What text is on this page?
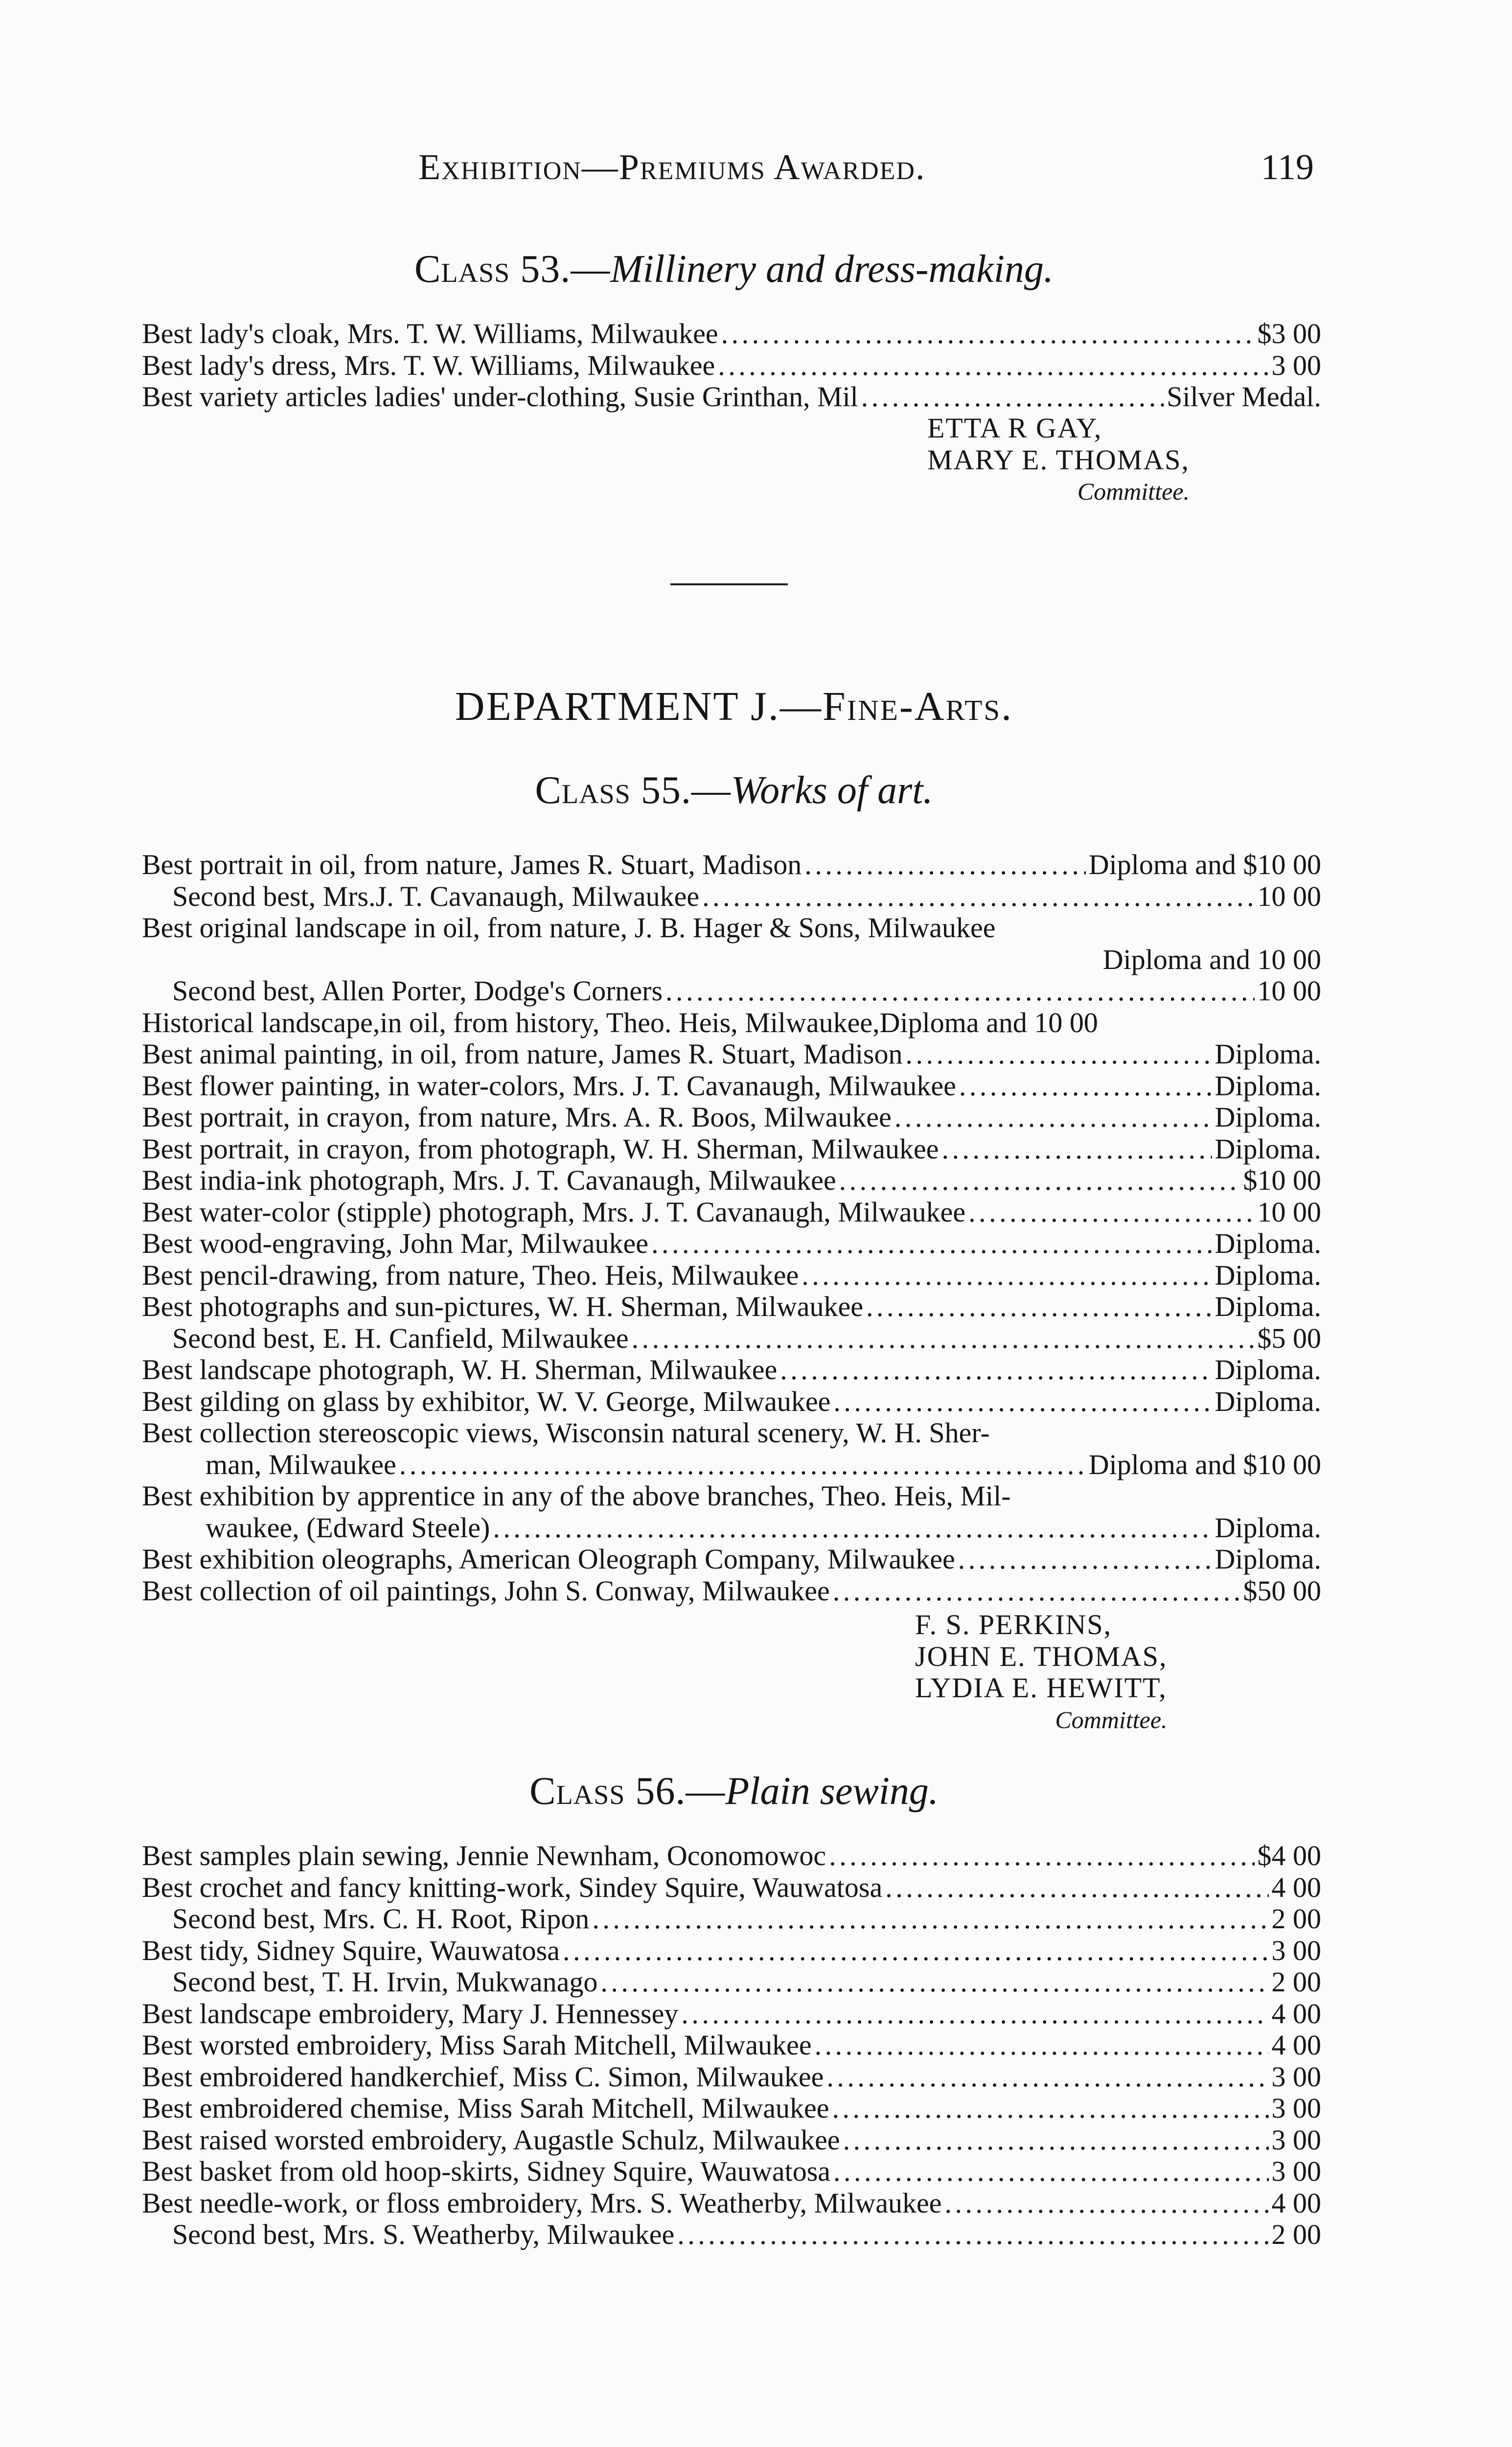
Exhibition—Premiums Awarded.	119
Class 53.—Millinery and dress-making.
Best lady's cloak, Mrs. T. W. Williams, Milwaukee . . .	$3 00
Best lady's dress, Mrs. T. W. Williams, Milwaukee . . .	3 00
Best variety articles ladies' under-clothing, Susie Grinthan, Mil . . .	Silver Medal.
ETTA R GAY,
MARY E. THOMAS,
Committee.
DEPARTMENT J.—Fine-Arts.
Class 55.—Works of art.
Best portrait in oil, from nature, James R. Stuart, Madison . . .	Diploma and $10 00
Second best, Mrs.J. T. Cavanaugh, Milwaukee . . .	10 00
Best original landscape in oil, from nature, J. B. Hager & Sons, Milwaukee
Diploma and 10 00
Second best, Allen Porter, Dodge's Corners . . .	10 00
Historical landscape,in oil, from history, Theo. Heis, Milwaukee,Diploma and 10 00
Best animal painting, in oil, from nature, James R. Stuart, Madison . . .	Diploma.
Best flower painting, in water-colors, Mrs. J. T. Cavanaugh, Milwaukee . . .	Diploma.
Best portrait, in crayon, from nature, Mrs. A. R. Boos, Milwaukee . . .	Diploma.
Best portrait, in crayon, from photograph, W. H. Sherman, Milwaukee . . .	Diploma.
Best india-ink photograph, Mrs. J. T. Cavanaugh, Milwaukee . . .	$10 00
Best water-color (stipple) photograph, Mrs. J. T. Cavanaugh, Milwaukee . . .	10 00
Best wood-engraving, John Mar, Milwaukee . . .	Diploma.
Best pencil-drawing, from nature, Theo. Heis, Milwaukee . . .	Diploma.
Best photographs and sun-pictures, W. H. Sherman, Milwaukee . . .	Diploma.
Second best, E. H. Canfield, Milwaukee . . .	$5 00
Best landscape photograph, W. H. Sherman, Milwaukee . . .	Diploma.
Best gilding on glass by exhibitor, W. V. George, Milwaukee . . .	Diploma.
Best collection stereoscopic views, Wisconsin natural scenery, W. H. Sher-
man, Milwaukee . . .	Diploma and $10 00
Best exhibition by apprentice in any of the above branches, Theo. Heis, Mil-
waukee, (Edward Steele) . . .	Diploma.
Best exhibition oleographs, American Oleograph Company, Milwaukee . . .	Diploma.
Best collection of oil paintings, John S. Conway, Milwaukee . . .	$50 00
F. S. PERKINS,
JOHN E. THOMAS,
LYDIA E. HEWITT,
Committee.
Class 56.—Plain sewing.
Best samples plain sewing, Jennie Newnham, Oconomowoc . . .	$4 00
Best crochet and fancy knitting-work, Sindey Squire, Wauwatosa . . .	4 00
Second best, Mrs. C. H. Root, Ripon . . .	2 00
Best tidy, Sidney Squire, Wauwatosa . . .	3 00
Second best, T. H. Irvin, Mukwanago . . .	2 00
Best landscape embroidery, Mary J. Hennessey . . .	4 00
Best worsted embroidery, Miss Sarah Mitchell, Milwaukee . . .	4 00
Best embroidered handkerchief, Miss C. Simon, Milwaukee . . .	3 00
Best embroidered chemise, Miss Sarah Mitchell, Milwaukee . . .	3 00
Best raised worsted embroidery, Augastle Schulz, Milwaukee . . .	3 00
Best basket from old hoop-skirts, Sidney Squire, Wauwatosa . . .	3 00
Best needle-work, or floss embroidery, Mrs. S. Weatherby, Milwaukee . . .	4 00
Second best, Mrs. S. Weatherby, Milwaukee . . .	2 00
